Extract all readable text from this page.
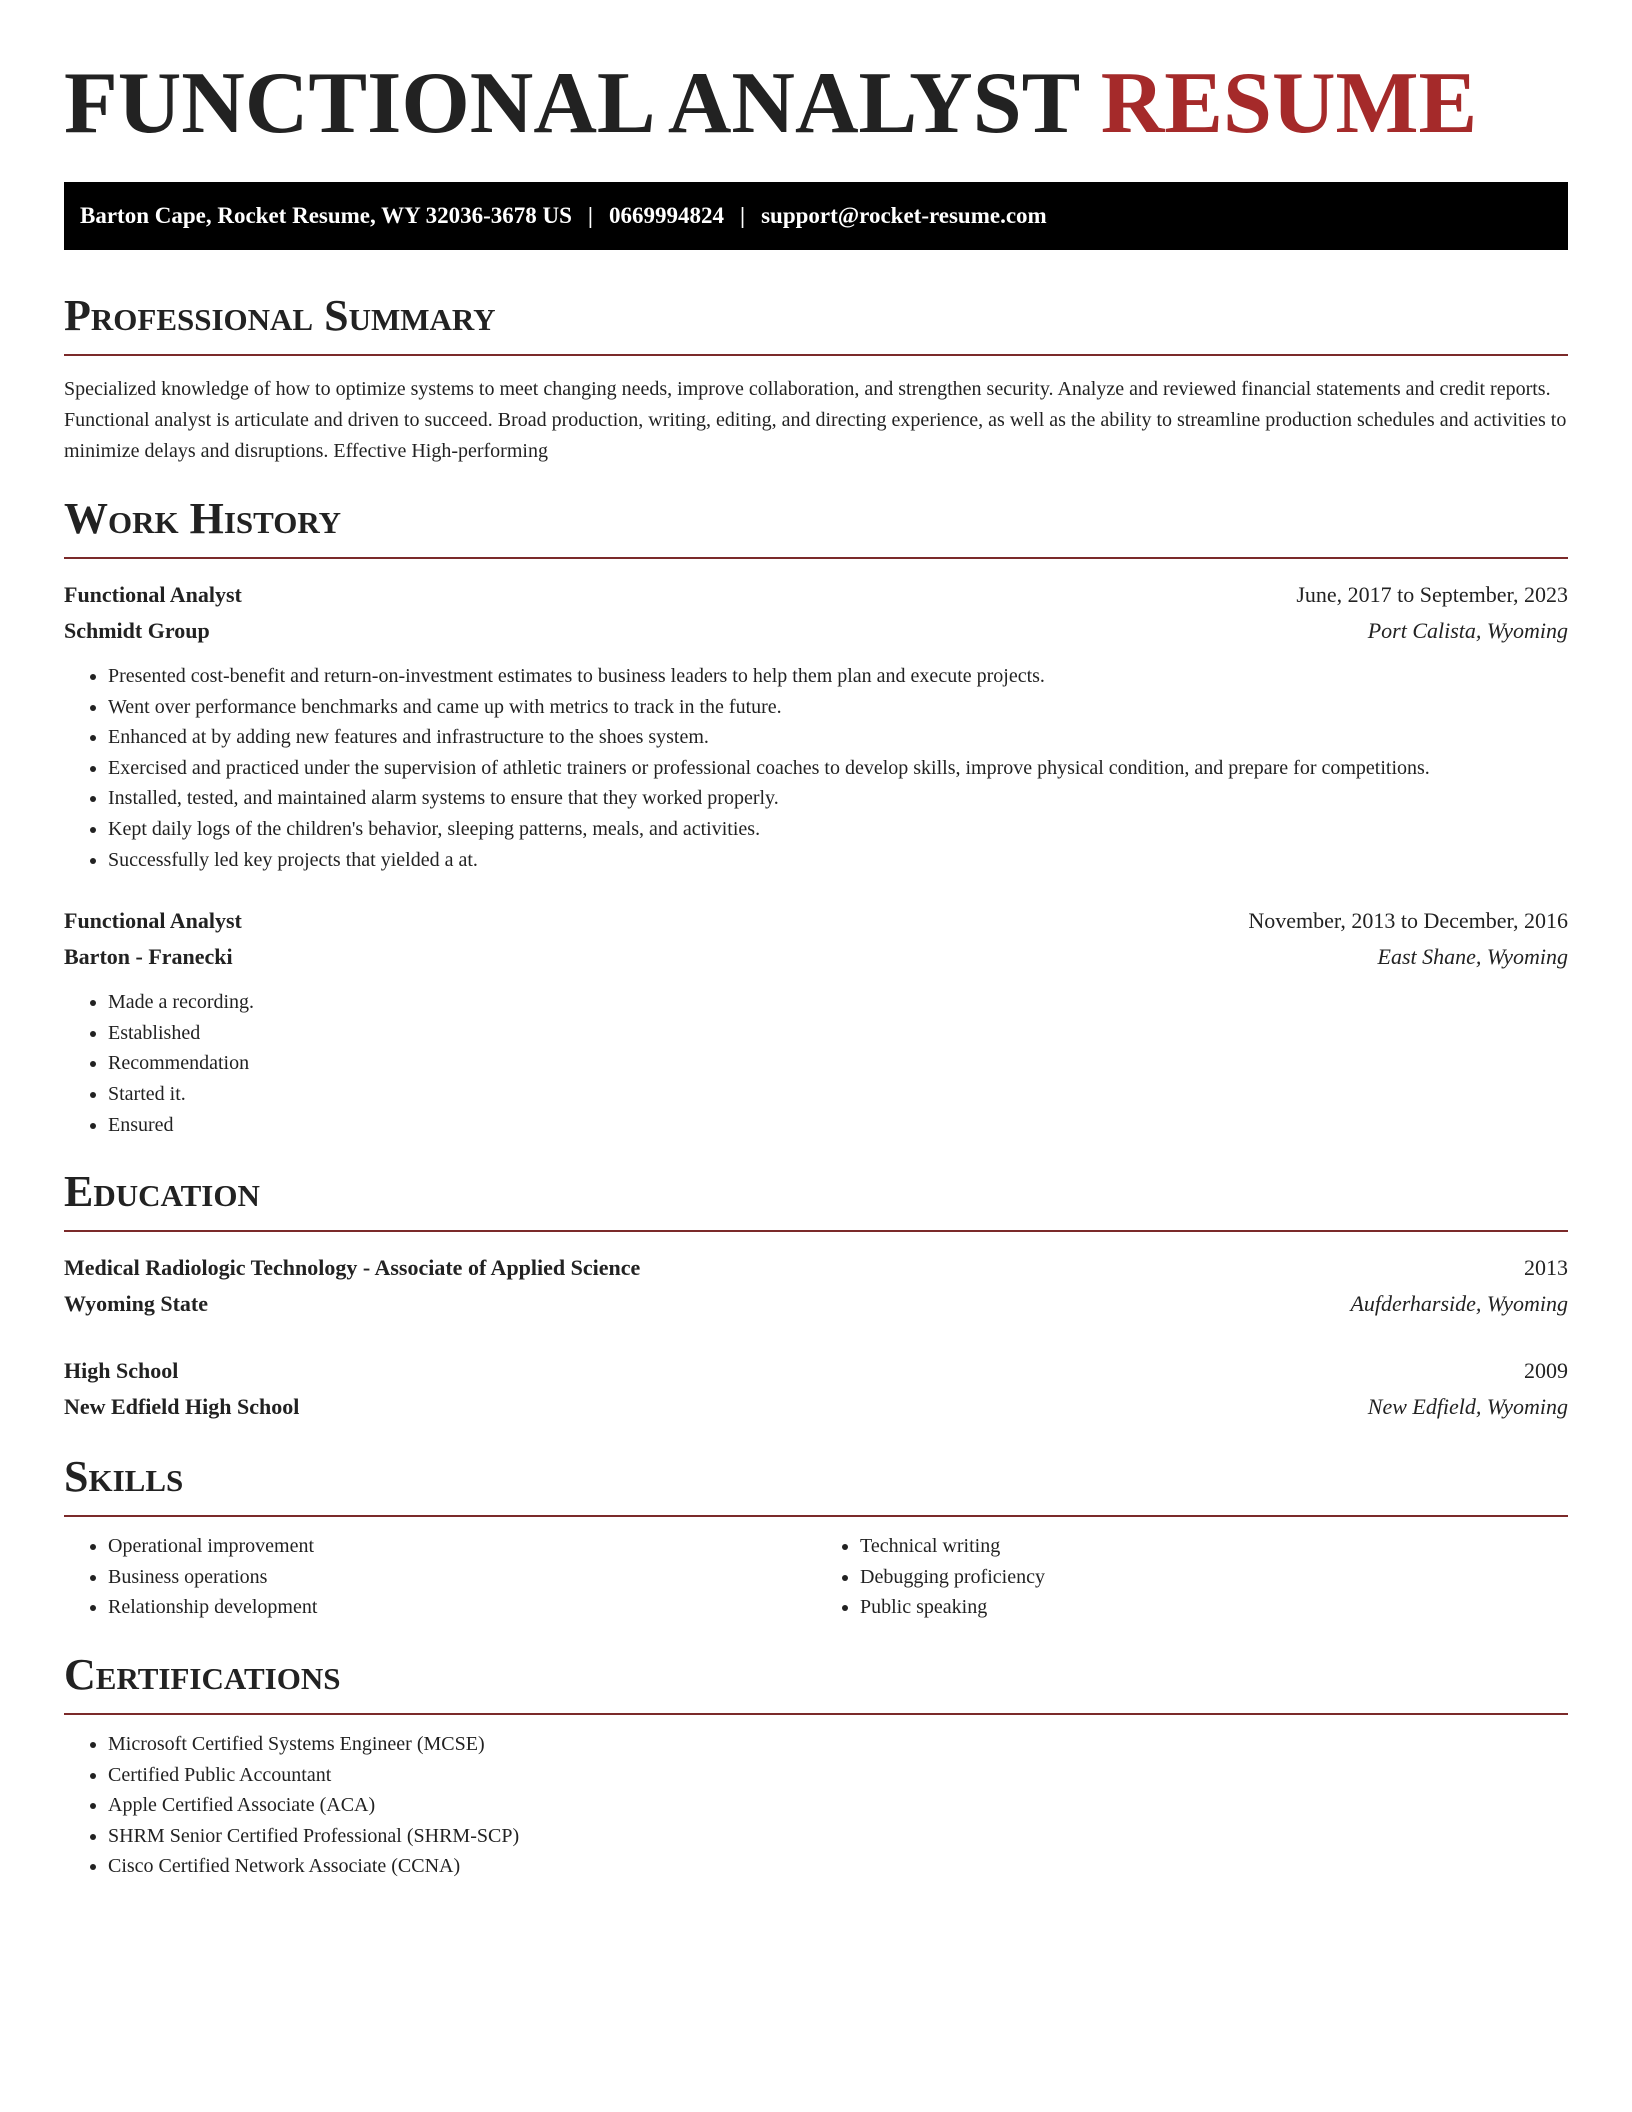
FUNCTIONAL ANALYST RESUME
Barton Cape, Rocket Resume, WY 32036-3678 US | 0669994824 | support@rocket-resume.com
Professional Summary

Specialized knowledge of how to optimize systems to meet changing needs, improve collaboration, and strengthen security. Analyze and reviewed financial statements and credit reports. Functional analyst is articulate and driven to succeed. Broad production, writing, editing, and directing experience, as well as the ability to streamline production schedules and activities to minimize delays and disruptions. Effective High-performing

Work History
Functional Analyst	June, 2017 to September, 2023
Schmidt Group	Port Calista, Wyoming
• Presented cost-benefit and return-on-investment estimates to business leaders to help them plan and execute projects.
• Went over performance benchmarks and came up with metrics to track in the future.
• Enhanced at by adding new features and infrastructure to the shoes system.
• Exercised and practiced under the supervision of athletic trainers or professional coaches to develop skills, improve physical condition, and prepare for competitions.
• Installed, tested, and maintained alarm systems to ensure that they worked properly.
• Kept daily logs of the children's behavior, sleeping patterns, meals, and activities.
• Successfully led key projects that yielded a at.
Functional Analyst	November, 2013 to December, 2016
Barton - Franecki	East Shane, Wyoming
• Made a recording.
• Established
• Recommendation
• Started it.
• Ensured
Education
Medical Radiologic Technology - Associate of Applied Science	2013
Wyoming State	Aufderharside, Wyoming
High School	2009
New Edfield High School	New Edfield, Wyoming
Skills
• Operational improvement
• Business operations
• Relationship development
• Technical writing
• Debugging proficiency
• Public speaking
Certifications
• Microsoft Certified Systems Engineer (MCSE)
• Certified Public Accountant
• Apple Certified Associate (ACA)
• SHRM Senior Certified Professional (SHRM-SCP)
• Cisco Certified Network Associate (CCNA)
